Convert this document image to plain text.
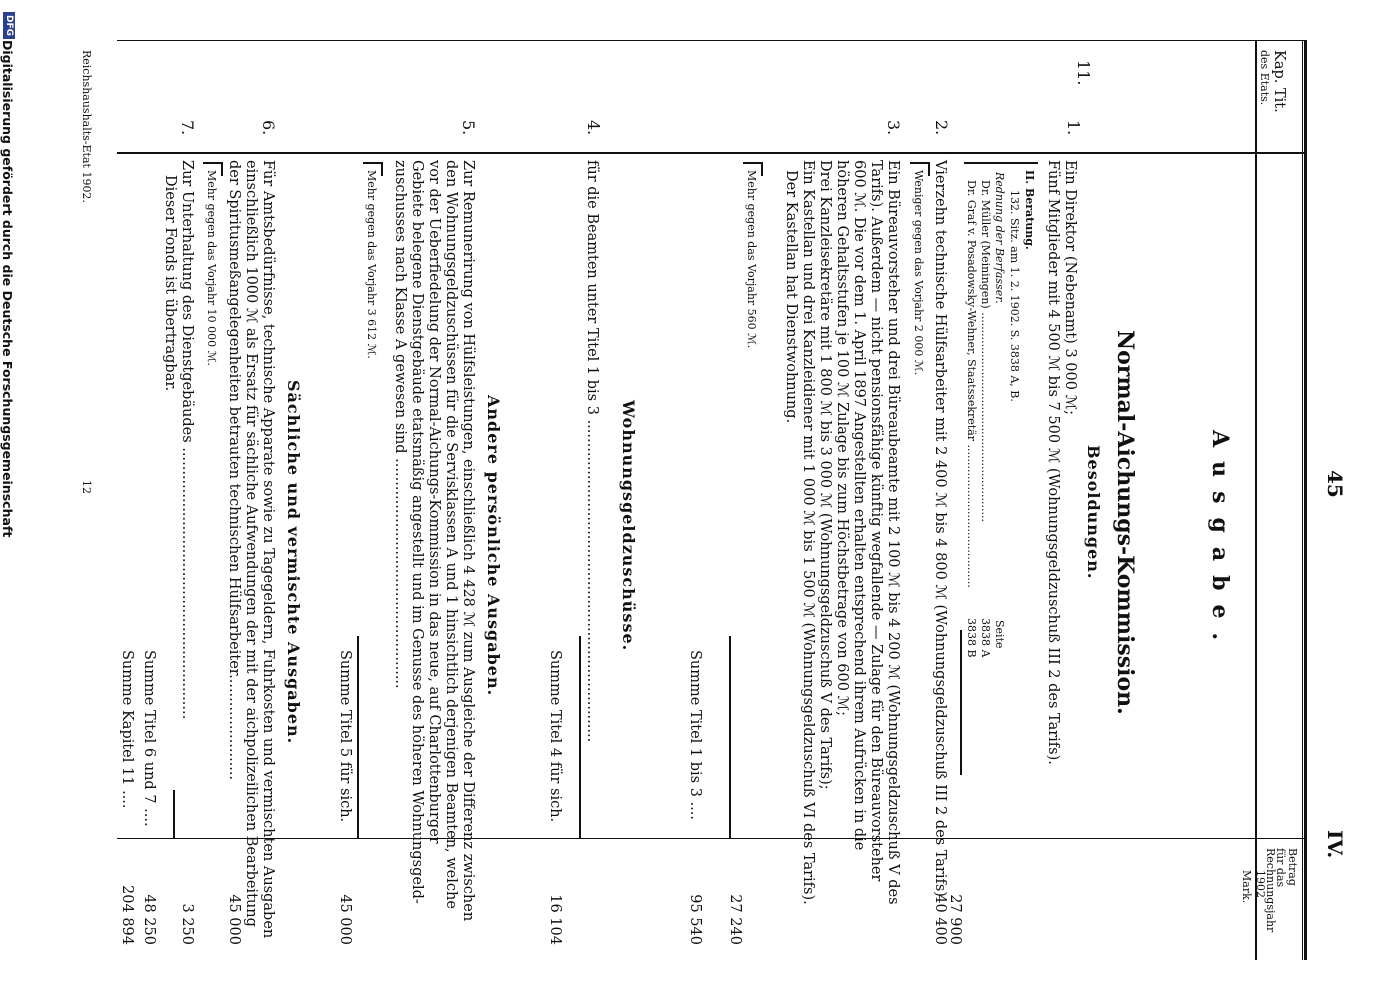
45
IV.
Kap. Tit.
des Etats.
Betrag
für das
Rechnungsjahr
1902
Mark.
Ausgabe.
Normal-Aichungs-Kommission.
Besoldungen.
11.
1.
Ein Direktor (Nebenamt) 3 000 ℳ;
Fünf Mitglieder mit 4 500 ℳ bis 7 500 ℳ (Wohnungsgeldzuschuß III 2 des Tarifs).
II. Beratung.
132. Sitz. am 1. 2. 1902. S. 3838 A, B.
Rednung der Berfasser.
Seite
Dr. Müller (Meiningen) ............................................................
3838 A
Dr. Graf v. Posadowsky-Wehner, Staatssekretär .........................................
3838 B
27 900
2.
Vierzehn technische Hülfsarbeiter mit 2 400 ℳ bis 4 800 ℳ (Wohnungsgeldzuschuß III 2 des Tarifs)
Weniger gegen das Vorjahr 2 000 ℳ.
40 400
3.
Ein Büreauvorsteher und drei Büreaubeamte mit 2 100 ℳ bis 4 200 ℳ (Wohnungsgeldzuschuß V des
Tarifs). Außerdem — nicht pensionsfähige künftig wegfallende — Zulage für den Büreauvorsteher
600 ℳ. Die vor dem 1. April 1897 Angestellten erhalten entsprechend ihrem Aufrücken in die
höheren Gehaltsstufen je 100 ℳ Zulage bis zum Höchstbetrage von 600 ℳ;
Drei Kanzleisekretäre mit 1 800 ℳ bis 3 000 ℳ (Wohnungsgeldzuschuß V des Tarifs);
Ein Kastellan und drei Kanzleidiener mit 1 000 ℳ bis 1 500 ℳ (Wohnungsgeldzuschuß VI des Tarifs).
Der Kastellan hat Dienstwohnung.
Mehr gegen das Vorjahr 560 ℳ.
27 240
Summe Titel 1 bis 3 ....
95 540
Wohnungsgeldzuschüsse.
4.
für die Beamten unter Titel 1 bis 3 ......................................................................
Summe Titel 4 für sich.
16 104
Andere persönliche Ausgaben.
5.
Zur Remunerirung von Hülfsleistungen, einschließlich 4 428 ℳ zum Ausgleiche der Differenz zwischen
den Wohnungsgeldzuschüssen für die Servisklassen A und 1 hinsichtlich derjenigen Beamten, welche
vor der Ueberfiedelung der Normal-Aichungs-Kommission in das neue, auf Charlottenburger
Gebiete belegene Dienstgebäude etatsmäßig angestellt und im Genusse des höheren Wohnungsgeld-
zuschusses nach Klasse A gewesen sind ..................................................
Mehr gegen das Vorjahr 3 612 ℳ.
Summe Titel 5 für sich.
45 000
Sächliche und vermischte Ausgaben.
6.
Für Amtsbedürfnisse, technische Apparate sowie zu Tagegeldern, Fuhrkosten und vermischten Ausgaben
einschließlich 1000 ℳ als Ersatz für sächliche Aufwendungen der mit der aichpolizeilichen Bearbeitung
der Spiritusmeßangelegenheiten betrauten technischen Hülfsarbeiter.......................
Mehr gegen das Vorjahr 10 000 ℳ.
45 000
7.
Zur Unterhaltung des Dienstgebäudes ...........................................................
Dieser Fonds ist übertragbar.
3 250
Summe Titel 6 und 7 ....
48 250
Summe Kapitel 11 ....
204 894
Reichshaushalts-Etat 1902.
12
Digitalisierung gefördert durch die Deutsche Forschungsgemeinschaft
DFG
